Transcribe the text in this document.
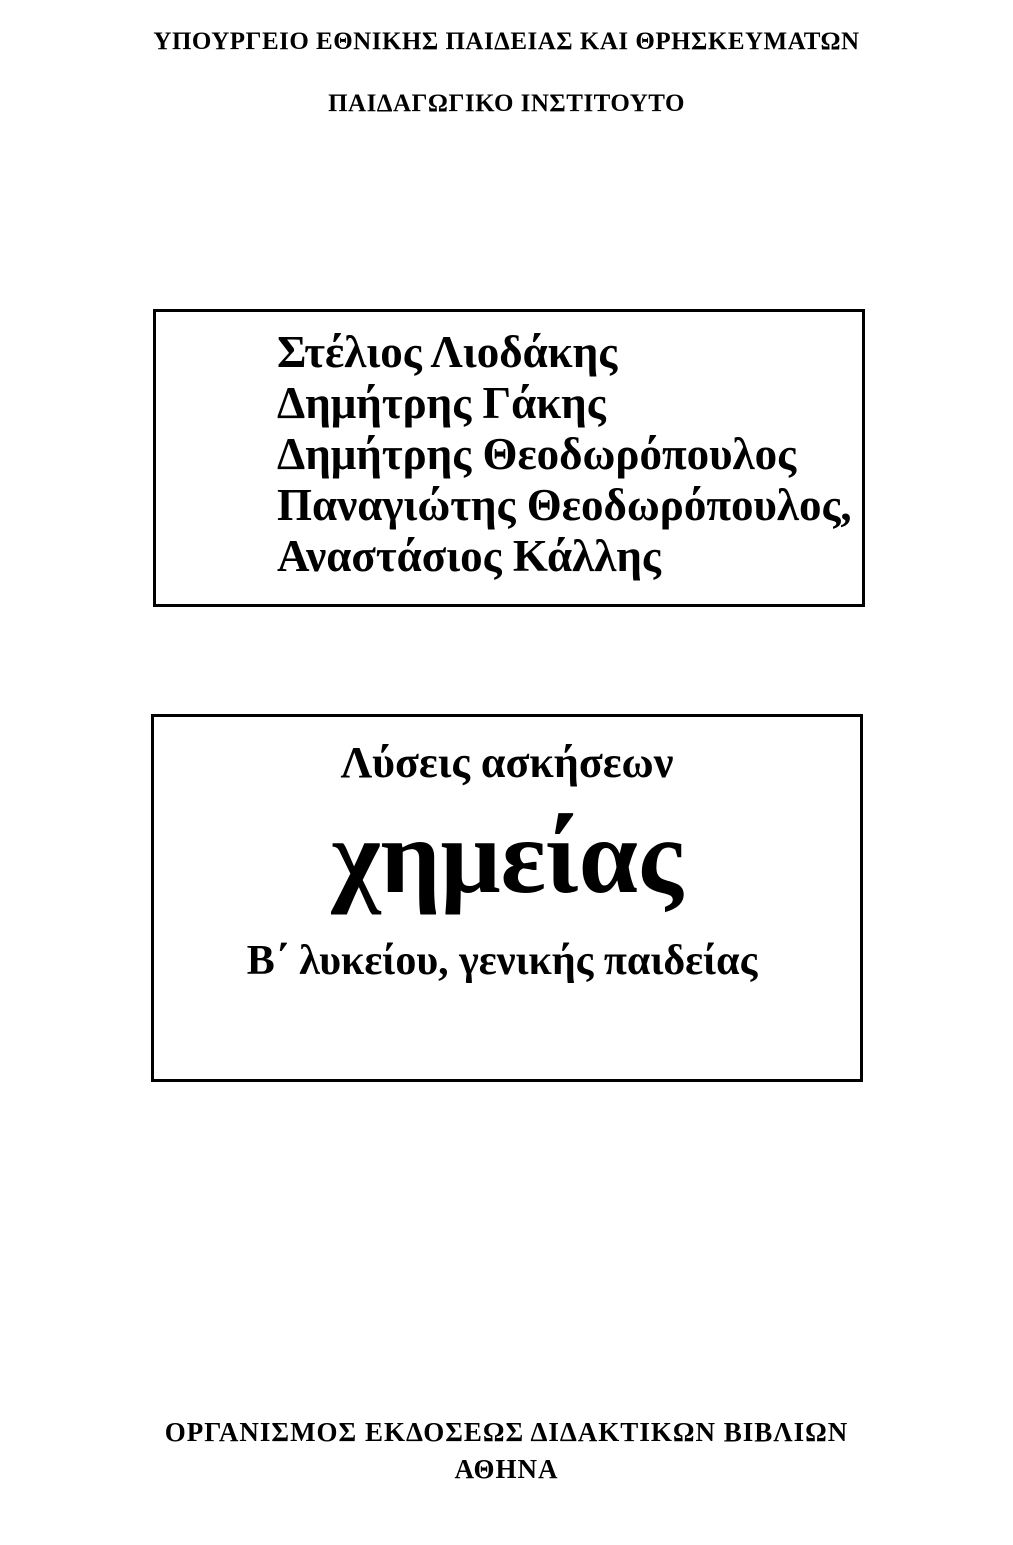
ΥΠΟΥΡΓΕΙΟ ΕΘΝΙΚΗΣ ΠΑΙΔΕΙΑΣ ΚΑΙ ΘΡΗΣΚΕΥΜΑΤΩΝ
ΠΑΙΔΑΓΩΓΙΚΟ ΙΝΣΤΙΤΟΥΤΟ
Στέλιος Λιοδάκης
Δημήτρης Γάκης
Δημήτρης Θεοδωρόπουλος
Παναγιώτης Θεοδωρόπουλος,
Αναστάσιος Κάλλης
Λύσεις ασκήσεων
χημείας
Β΄ λυκείου, γενικής παιδείας
ΟΡΓΑΝΙΣΜΟΣ ΕΚΔΟΣΕΩΣ ΔΙΔΑΚΤΙΚΩΝ ΒΙΒΛΙΩΝ
ΑΘΗΝΑ
